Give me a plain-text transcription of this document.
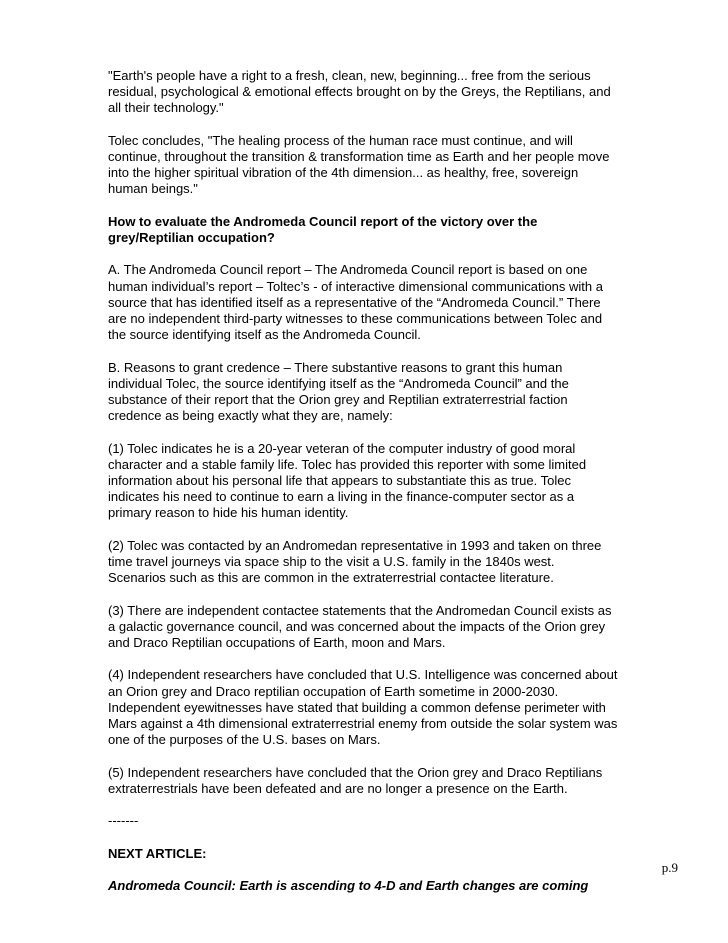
"Earth's people have a right to a fresh, clean, new, beginning... free from the serious
residual, psychological & emotional effects brought on by the Greys, the Reptilians, and
all their technology."

Tolec concludes, "The healing process of the human race must continue, and will
continue, throughout the transition & transformation time as Earth and her people move
into the higher spiritual vibration of the 4th dimension... as healthy, free, sovereign
human beings."

How to evaluate the Andromeda Council report of the victory over the
grey/Reptilian occupation?

A. The Andromeda Council report – The Andromeda Council report is based on one
human individual’s report – Toltec’s - of interactive dimensional communications with a
source that has identified itself as a representative of the “Andromeda Council.” There
are no independent third-party witnesses to these communications between Tolec and
the source identifying itself as the Andromeda Council.

B. Reasons to grant credence – There substantive reasons to grant this human
individual Tolec, the source identifying itself as the “Andromeda Council” and the
substance of their report that the Orion grey and Reptilian extraterrestrial faction
credence as being exactly what they are, namely:

(1) Tolec indicates he is a 20-year veteran of the computer industry of good moral
character and a stable family life. Tolec has provided this reporter with some limited
information about his personal life that appears to substantiate this as true. Tolec
indicates his need to continue to earn a living in the finance-computer sector as a
primary reason to hide his human identity.

(2) Tolec was contacted by an Andromedan representative in 1993 and taken on three
time travel journeys via space ship to the visit a U.S. family in the 1840s west.
Scenarios such as this are common in the extraterrestrial contactee literature.

(3) There are independent contactee statements that the Andromedan Council exists as
a galactic governance council, and was concerned about the impacts of the Orion grey
and Draco Reptilian occupations of Earth, moon and Mars.

(4) Independent researchers have concluded that U.S. Intelligence was concerned about
an Orion grey and Draco reptilian occupation of Earth sometime in 2000-2030.
Independent eyewitnesses have stated that building a common defense perimeter with
Mars against a 4th dimensional extraterrestrial enemy from outside the solar system was
one of the purposes of the U.S. bases on Mars.

(5) Independent researchers have concluded that the Orion grey and Draco Reptilians
extraterrestrials have been defeated and are no longer a presence on the Earth.

-------

NEXT ARTICLE:

Andromeda Council: Earth is ascending to 4-D and Earth changes are coming

p.9
